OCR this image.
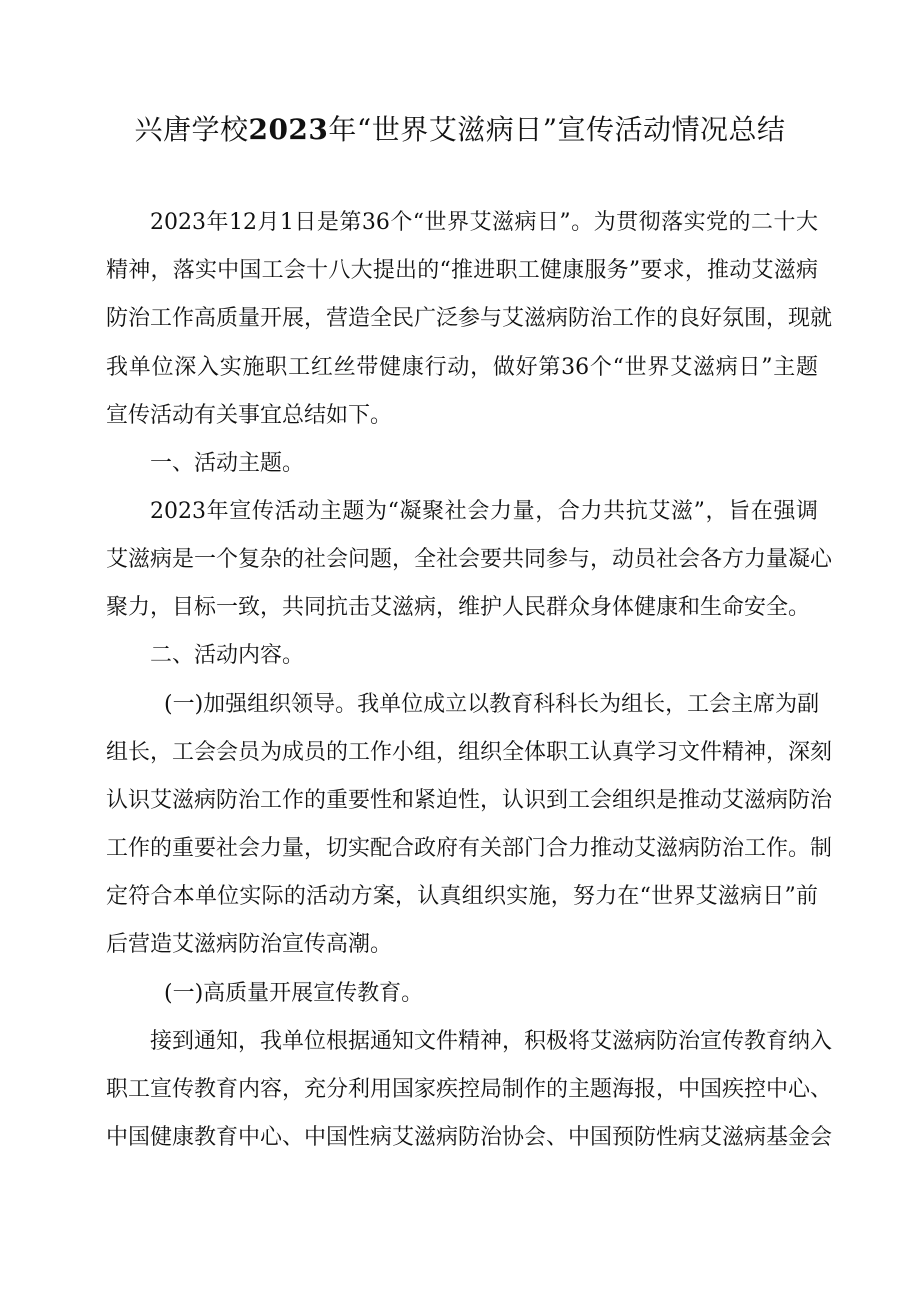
兴唐学校2023年“世界艾滋病日”宣传活动情况总结
2023年12月1日是第36个“世界艾滋病日”。为贯彻落实党的二十大
精神，落实中国工会十八大提出的“推进职工健康服务”要求，推动艾滋病
防治工作高质量开展，营造全民广泛参与艾滋病防治工作的良好氛围，现就
我单位深入实施职工红丝带健康行动，做好第36个“世界艾滋病日”主题
宣传活动有关事宜总结如下。
一、活动主题。
2023年宣传活动主题为“凝聚社会力量，合力共抗艾滋”，旨在强调
艾滋病是一个复杂的社会问题，全社会要共同参与，动员社会各方力量凝心
聚力，目标一致，共同抗击艾滋病，维护人民群众身体健康和生命安全。
二、活动内容。
(一)加强组织领导。我单位成立以教育科科长为组长，工会主席为副
组长，工会会员为成员的工作小组，组织全体职工认真学习文件精神，深刻
认识艾滋病防治工作的重要性和紧迫性，认识到工会组织是推动艾滋病防治
工作的重要社会力量，切实配合政府有关部门合力推动艾滋病防治工作。制
定符合本单位实际的活动方案，认真组织实施，努力在“世界艾滋病日”前
后营造艾滋病防治宣传高潮。
(一)高质量开展宣传教育。
接到通知，我单位根据通知文件精神，积极将艾滋病防治宣传教育纳入
职工宣传教育内容，充分利用国家疾控局制作的主题海报，中国疾控中心、
中国健康教育中心、中国性病艾滋病防治协会、中国预防性病艾滋病基金会
